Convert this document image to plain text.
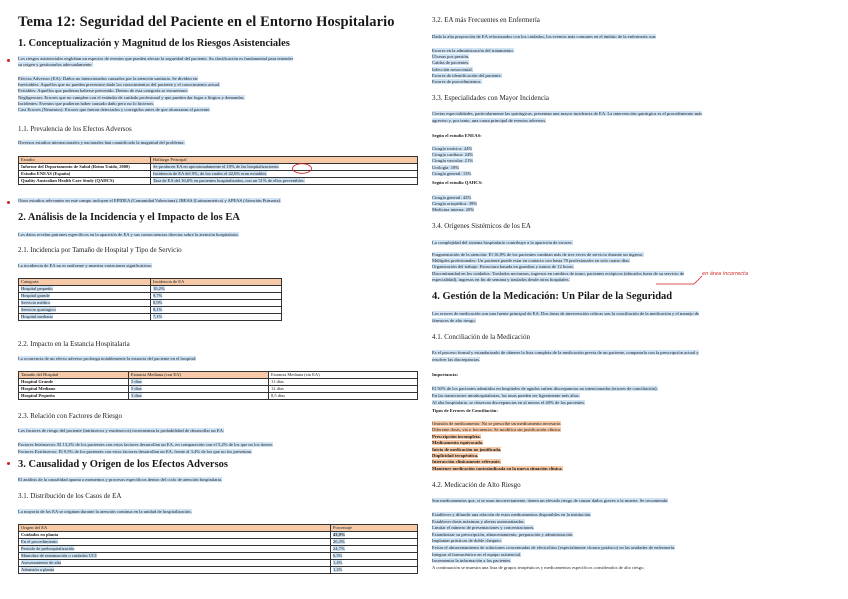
Tema 12: Seguridad del Paciente en el Entorno Hospitalario
1. Conceptualización y Magnitud de los Riesgos Asistenciales
Los riesgos asistenciales engloban un espectro de eventos que pueden afectar la seguridad del paciente. Su clasificación es fundamental para entender
su origen y gestionarlos adecuadamente:
Efectos Adversos (EA): Daños no intencionados causados por la atención sanitaria. Se dividen en:
Inevitables: Aquellos que no pueden prevenirse dado los conocimientos del paciente y el conocimiento actual.
Evitables: Aquellos que pudieran haberse prevenido. Dentro de esta categoría se encuentran:
Negligencias: Errores que no cumplen con el estándar de cuidado profesional y que pueden dar lugar a litigios y demandas.
Incidentes: Eventos que pudieron haber causado daño pero no lo hicieron.
Casi Errores (Nearmiss): Errores que fueron detectados y corregidos antes de que alcanzaran al paciente.
1.1. Prevalencia de los Efectos Adversos
Diversos estudios internacionales y nacionales han cuantificado la magnitud del problema:
Estudio	Hallazgo Principal
Informe del Departamento de Salud (Reino Unido, 2000)	Se producen EA en aproximadamente el 10% de las hospitalizaciones.
Estudio ENEAS (España)	Incidencia de EA del 9%, de los cuales el 42,6% eran evitables.
Quality Australian Health Care Study (QAHCS)	Tasa de EA del 16,6% en pacientes hospitalizados, con un 51% de ellos prevenibles.
Otros estudios relevantes en este campo incluyen el EPIDEA (Comunidad Valenciana), IBEAS (Latinoamérica) y APEAS (Atención Primaria).
2. Análisis de la Incidencia y el Impacto de los EA
Los datos revelan patrones específicos en la aparición de EA y sus consecuencias directas sobre la atención hospitalaria.
2.1. Incidencia por Tamaño de Hospital y Tipo de Servicio
La incidencia de EA no es uniforme y muestra variaciones significativas:
Categoría	Incidencia de EA
Hospital pequeño	10,2%
Hospital grande	9,7%
Servicio médico	8,9%
Servicio quirúrgico	8,1%
Hospital mediano	7,1%
2.2. Impacto en la Estancia Hospitalaria
La ocurrencia de un efecto adverso prolonga notablemente la estancia del paciente en el hospital:
Tamaño del Hospital	Estancia Mediana (con EA)	Estancia Mediana (sin EA)
Hospital Grande	5 días	11 días
Hospital Mediano	5 días	12 días
Hospital Pequeño	3 días	8,5 días
2.3. Relación con Factores de Riesgo
Los factores de riesgo del paciente (intrínsecos y extrínsecos) incrementan la probabilidad de desarrollar un EA:
Factores Intrínsecos: El 13,2% de los pacientes con estos factores desarrollan un EA, en comparación con el 5,2% de los que no los tienen.
Factores Extrínsecos: El 9,5% de los pacientes con estos factores desarrollan un EA, frente al 3,4% de los que no los presentan.
3. Causalidad y Origen de los Efectos Adversos
El análisis de la causalidad apunta a momentos y procesos específicos dentro del ciclo de atención hospitalaria.
3.1. Distribución de los Casos de EA
La mayoría de los EA se originan durante la atención continua en la unidad de hospitalización.
Origen del EA	Porcentaje
Cuidados en planta	43,9%
En el procedimiento	26,3%
Periodo de prehospitalización	24,7%
Maniobra de reanimación o cuidados UCI	6,5%
Asesoramiento de alta	1,4%
Admisión a planta	1,2%
3.2. EA más Frecuentes en Enfermería
Dada la alta proporción de EA relacionados con los cuidados, los eventos más comunes en el ámbito de la enfermería son:
Errores en la administración del tratamiento.
Úlceras por presión.
Caídas de pacientes.
Infección nosocomial.
Errores de identificación del paciente.
Errores de procedimientos.
3.3. Especialidades con Mayor Incidencia
Ciertas especialidades, particularmente las quirúrgicas, presentan una mayor incidencia de EA. La intervención quirúrgica es el procedimiento más
agresivo y, por tanto, una causa principal de eventos adversos.
Según el estudio ENEAS:
Cirugía torácica: 24%
Cirugía cardíaca: 24%
Cirugía vascular: 21%
Urología: 18%
Cirugía general: 13%
Según el estudio QAHCS:
Cirugía general: 42%
Cirugía ortopédica: 39%
Medicina interna: 20%
3.4. Orígenes Sistémicos de los EA
La complejidad del sistema hospitalario contribuye a la aparición de errores:
Fragmentación de la atención: El 16,8% de los pacientes cambian más de tres veces de servicio durante un ingreso.
Múltiples profesionales: Un paciente puede estar en contacto con hasta 70 profesionales en solo cuatro días.
Organización del trabajo: Estructura basada en guardias y turnos de 12 horas.
Discontinuidad en los cuidados: Traslados nocturnos, ingresos en cambios de turno, pacientes ectópicos (ubicados fuera de su servicio de
especialidad), ingresos en fin de semana y traslados desde otros hospitales.
en área incorrecta
4. Gestión de la Medicación: Un Pilar de la Seguridad
Los errores de medicación son una fuente principal de EA. Dos áreas de intervención críticas son la conciliación de la medicación y el manejo de
fármacos de alto riesgo.
4.1. Conciliación de la Medicación
Es el proceso formal y estandarizado de obtener la lista completa de la medicación previa de un paciente, compararla con la prescripción actual y
resolver las discrepancias.
Importancia:
El 50% de los pacientes admitidos en hospitales de agudos sufren discrepancias no intencionadas (errores de conciliación).
En las transiciones intrahospitalarias, las tasas pueden ser ligeramente más altas.
Al alta hospitalaria, se observan discrepancias en al menos el 40% de los pacientes.
Tipos de Errores de Conciliación:
Omisión de medicamento: No se prescribe un medicamento necesario.
Diferente dosis, vía o frecuencia: Se modifica sin justificación clínica.
Prescripción incompleta.
Medicamento equivocado.
Inicio de medicación no justificada.
Duplicidad terapéutica.
Interacción clínicamente relevante.
Mantener medicación contraindicada en la nueva situación clínica.
4.2. Medicación de Alto Riesgo
Son medicamentos que, si se usan incorrectamente, tienen un elevado riesgo de causar daños graves o la muerte. Se recomienda:
Establecer y difundir una relación de estos medicamentos disponibles en la institución.
Establecer dosis máximas y alertas automatizadas.
Limitar el número de presentaciones y concentraciones.
Estandarizar su prescripción, almacenamiento, preparación y administración.
Implantar prácticas de doble chequeo.
Evitar el almacenamiento de soluciones concentradas de electrolitos (especialmente cloruro potásico) en las unidades de enfermería.
Integrar al farmacéutico en el equipo asistencial.
Incrementar la información a los pacientes.
A continuación se muestra una lista de grupos terapéuticos y medicamentos específicos considerados de alto riesgo.
